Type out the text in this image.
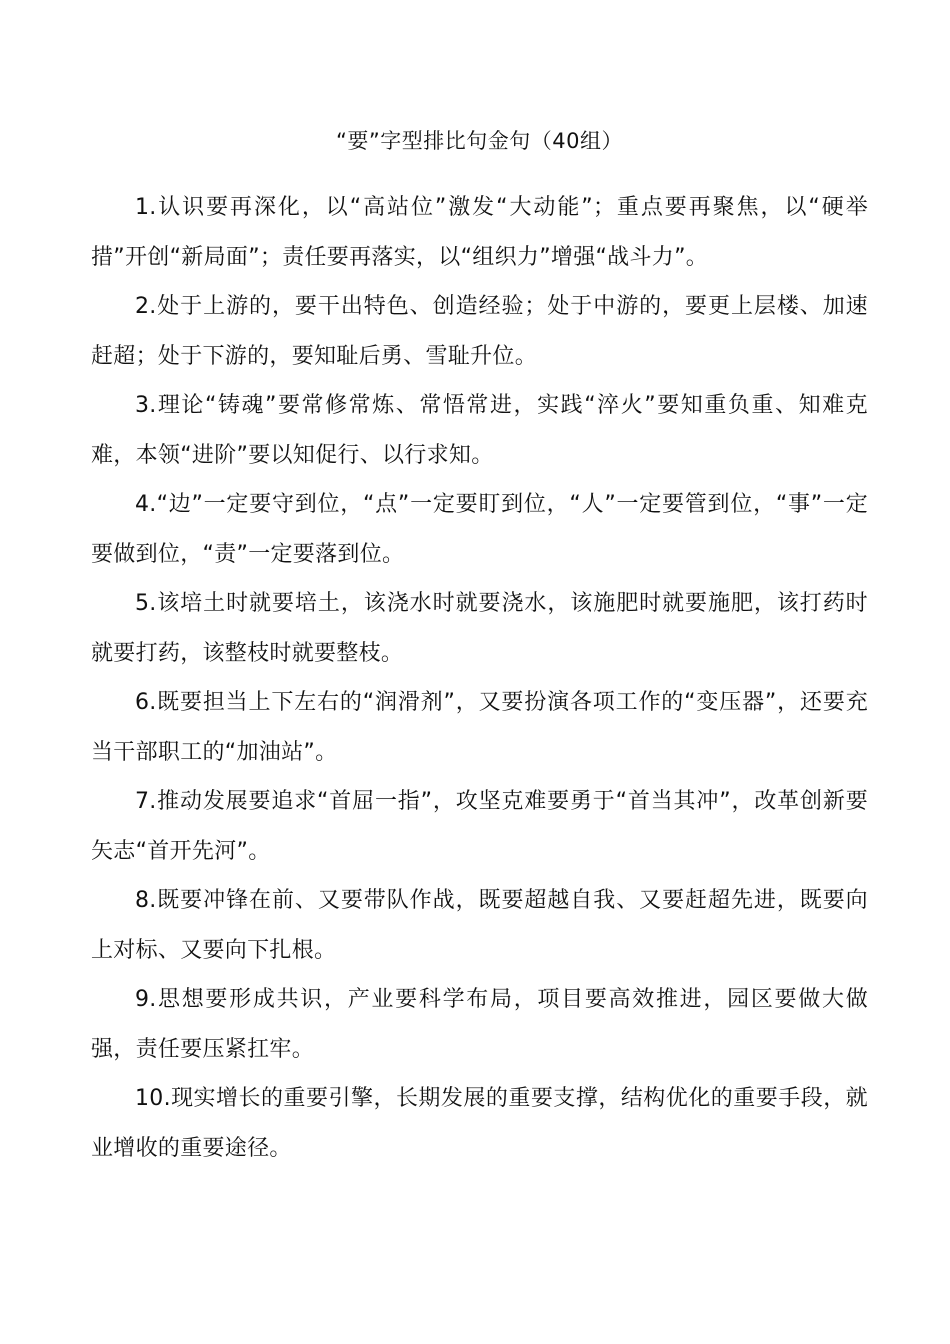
“要”字型排比句金句（40组）

1.认识要再深化，以“高站位”激发“大动能”；重点要再聚焦，以“硬举措”开创“新局面”；责任要再落实，以“组织力”增强“战斗力”。

2.处于上游的，要干出特色、创造经验；处于中游的，要更上层楼、加速赶超；处于下游的，要知耻后勇、雪耻升位。

3.理论“铸魂”要常修常炼、常悟常进，实践“淬火”要知重负重、知难克难，本领“进阶”要以知促行、以行求知。

4.“边”一定要守到位，“点”一定要盯到位，“人”一定要管到位，“事”一定要做到位，“责”一定要落到位。

5.该培土时就要培土，该浇水时就要浇水，该施肥时就要施肥，该打药时就要打药，该整枝时就要整枝。

6.既要担当上下左右的“润滑剂”，又要扮演各项工作的“变压器”，还要充当干部职工的“加油站”。

7.推动发展要追求“首屈一指”，攻坚克难要勇于“首当其冲”，改革创新要矢志“首开先河”。

8.既要冲锋在前、又要带队作战，既要超越自我、又要赶超先进，既要向上对标、又要向下扎根。

9.思想要形成共识，产业要科学布局，项目要高效推进，园区要做大做强，责任要压紧扛牢。

10.现实增长的重要引擎，长期发展的重要支撑，结构优化的重要手段，就业增收的重要途径。
